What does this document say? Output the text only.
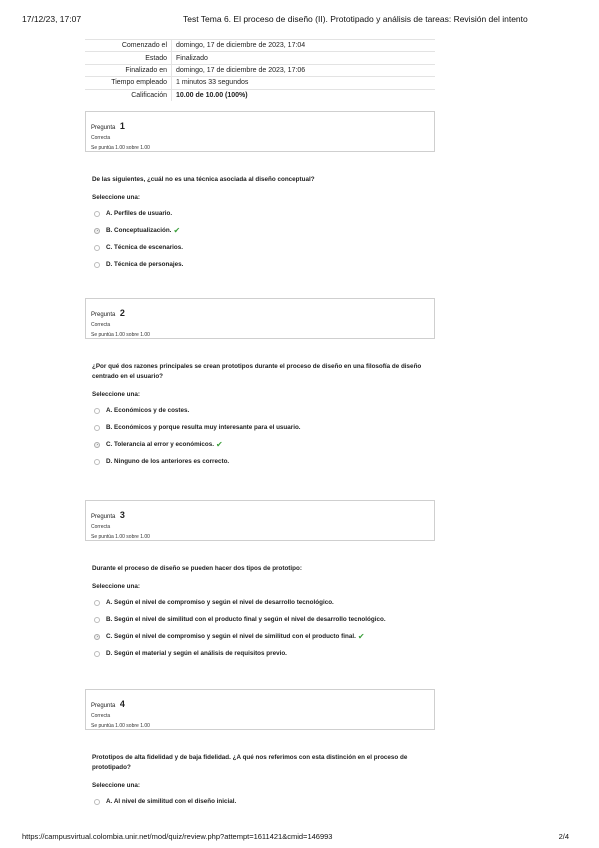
17/12/23, 17:07	Test Tema 6. El proceso de diseño (II). Prototipado y análisis de tareas: Revisión del intento
Comenzado el	domingo, 17 de diciembre de 2023, 17:04
Estado	Finalizado
Finalizado en	domingo, 17 de diciembre de 2023, 17:06
Tiempo empleado	1 minutos 33 segundos
Calificación	10.00 de 10.00 (100%)
Pregunta 1
Correcta
Se puntúa 1.00 sobre 1.00
De las siguientes, ¿cuál no es una técnica asociada al diseño conceptual?
Seleccione una:
A. Perfiles de usuario.
B. Conceptualización. ✔
C. Técnica de escenarios.
D. Técnica de personajes.
Pregunta 2
Correcta
Se puntúa 1.00 sobre 1.00
¿Por qué dos razones principales se crean prototipos durante el proceso de diseño en una filosofía de diseño centrado en el usuario?
Seleccione una:
A. Económicos y de costes.
B. Económicos y porque resulta muy interesante para el usuario.
C. Tolerancia al error y económicos. ✔
D. Ninguno de los anteriores es correcto.
Pregunta 3
Correcta
Se puntúa 1.00 sobre 1.00
Durante el proceso de diseño se pueden hacer dos tipos de prototipo:
Seleccione una:
A. Según el nivel de compromiso y según el nivel de desarrollo tecnológico.
B. Según el nivel de similitud con el producto final y según el nivel de desarrollo tecnológico.
C. Según el nivel de compromiso y según el nivel de similitud con el producto final. ✔
D. Según el material y según el análisis de requisitos previo.
Pregunta 4
Correcta
Se puntúa 1.00 sobre 1.00
Prototipos de alta fidelidad y de baja fidelidad. ¿A qué nos referimos con esta distinción en el proceso de prototipado?
Seleccione una:
A. Al nivel de similitud con el diseño inicial.
https://campusvirtual.colombia.unir.net/mod/quiz/review.php?attempt=1611421&cmid=146993	2/4
